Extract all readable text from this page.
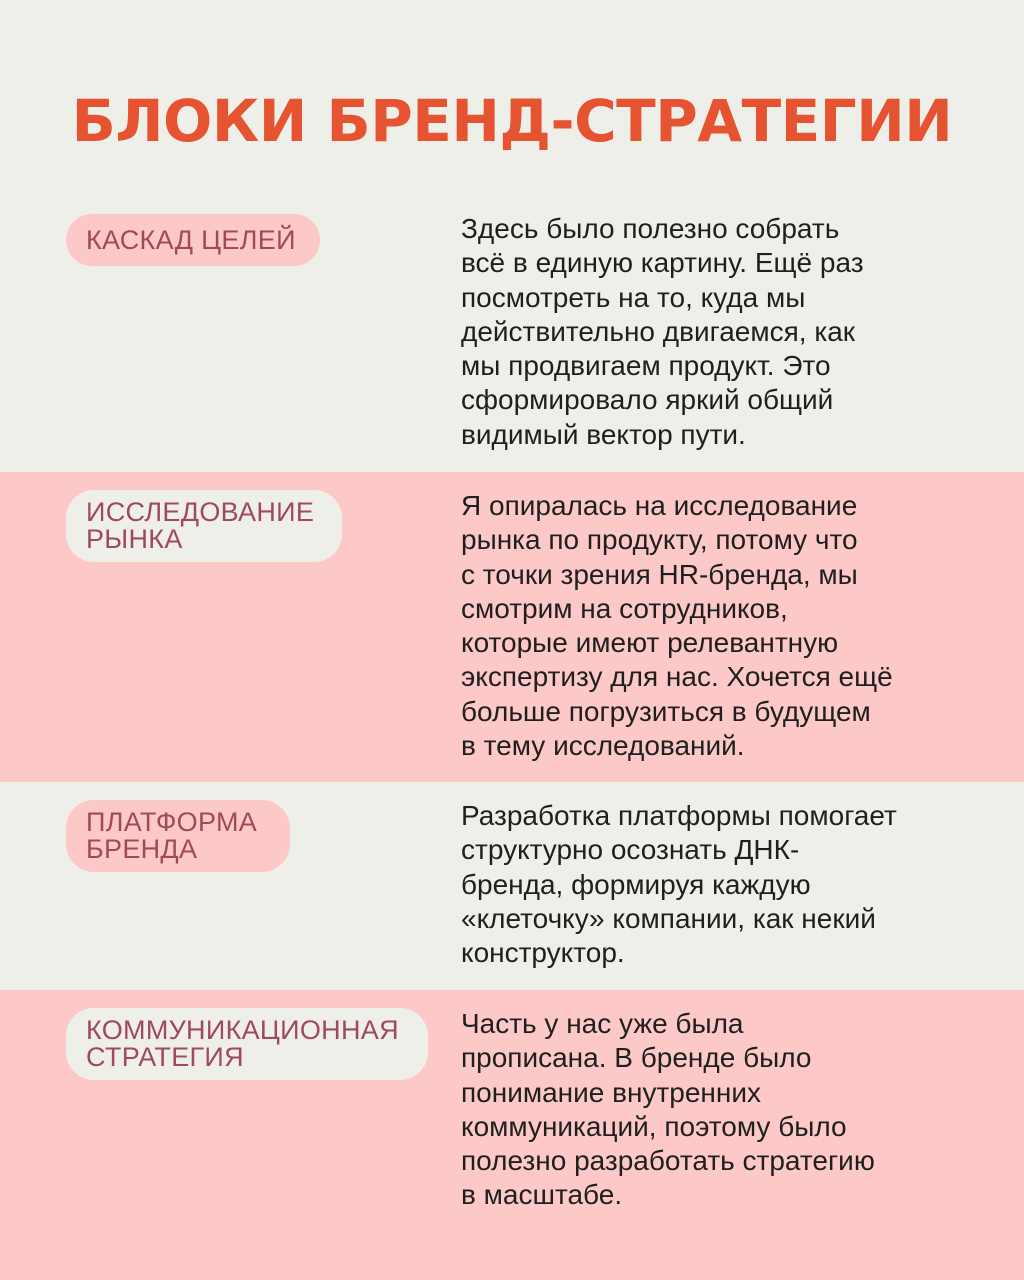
БЛОКИ БРЕНД-СТРАТЕГИИ
КАСКАД ЦЕЛЕЙ	Здесь было полезно собрать
всё в единую картину. Ещё раз
посмотреть на то, куда мы
действительно двигаемся, как
мы продвигаем продукт. Это
сформировало яркий общий
видимый вектор пути.
ИССЛЕДОВАНИЕ
РЫНКА
Я опиралась на исследование
рынка по продукту, потому что
с точки зрения HR-бренда, мы
смотрим на сотрудников,
которые имеют релевантную
экспертизу для нас. Хочется ещё
больше погрузиться в будущем
в тему исследований.
ПЛАТФОРМА
БРЕНДА
Разработка платформы помогает
структурно осознать ДНК-
бренда, формируя каждую
«клеточку» компании, как некий
конструктор.
КОММУНИКАЦИОННАЯ
СТРАТЕГИЯ
Часть у нас уже была
прописана. В бренде было
понимание внутренних
коммуникаций, поэтому было
полезно разработать стратегию
в масштабе.
